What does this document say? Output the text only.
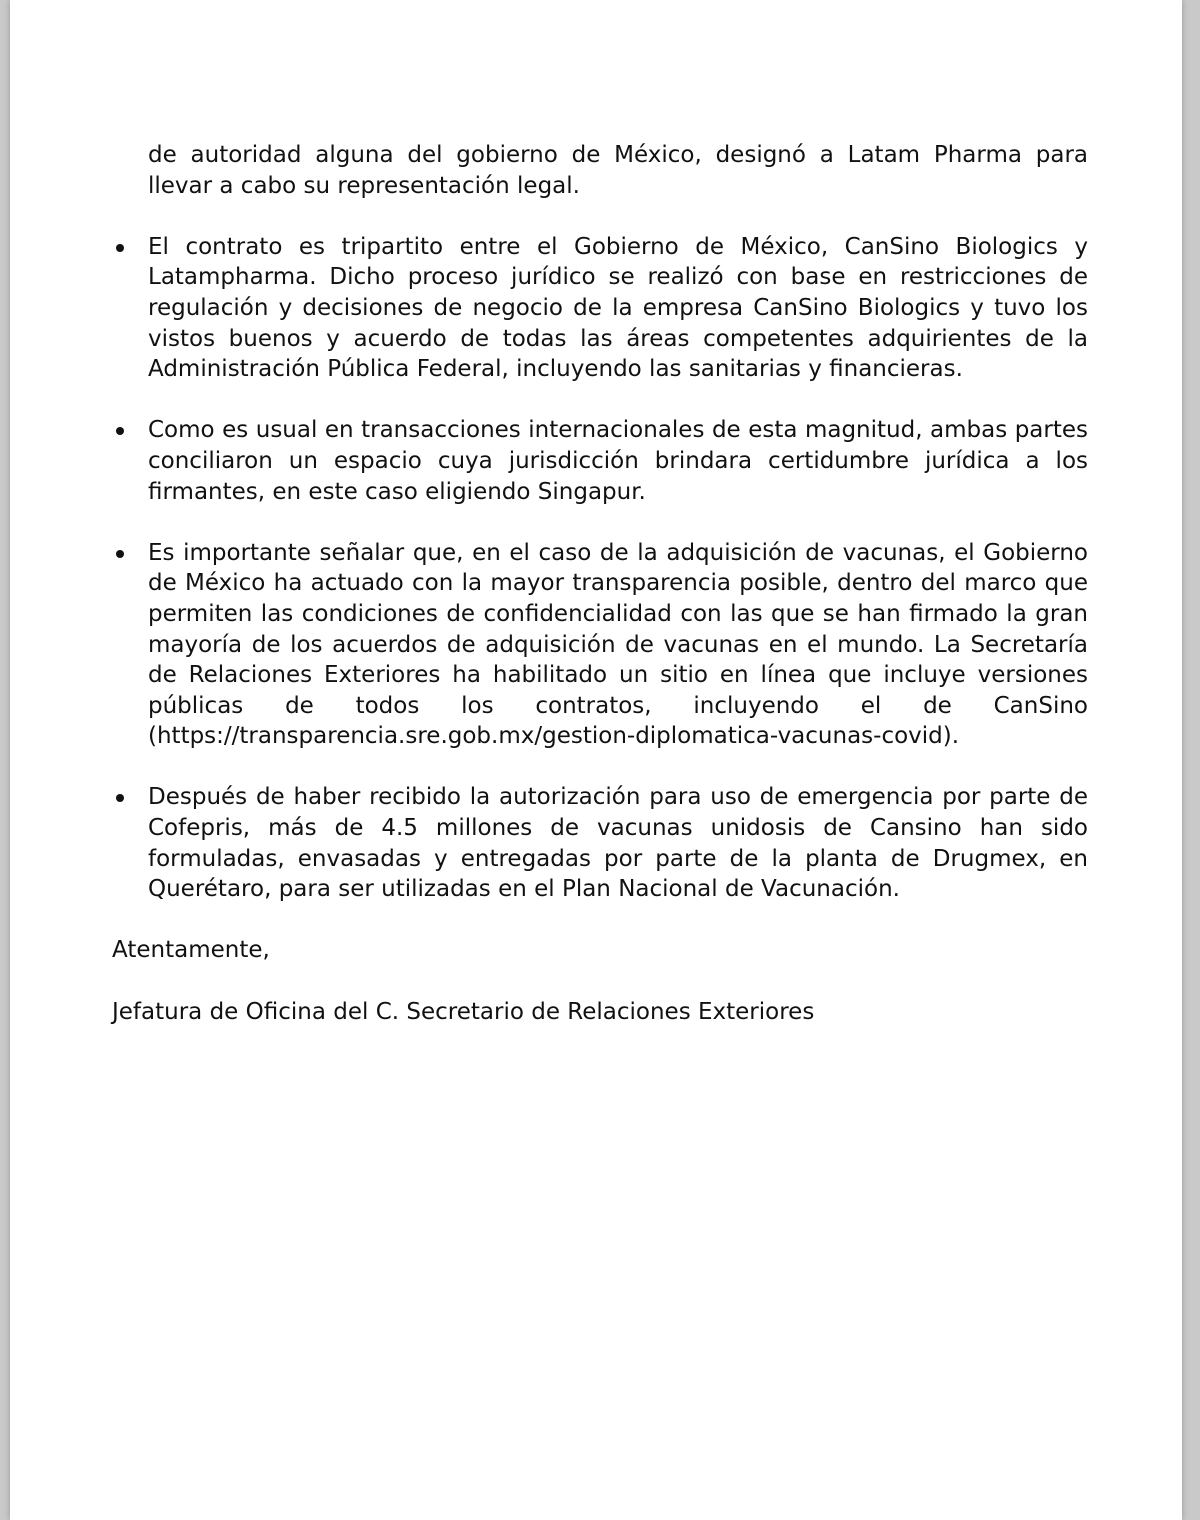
de autoridad alguna del gobierno de México, designó a Latam Pharma para llevar a cabo su representación legal.

El contrato es tripartito entre el Gobierno de México, CanSino Biologics y Latampharma. Dicho proceso jurídico se realizó con base en restricciones de regulación y decisiones de negocio de la empresa CanSino Biologics y tuvo los vistos buenos y acuerdo de todas las áreas competentes adquirientes de la Administración Pública Federal, incluyendo las sanitarias y financieras.
Como es usual en transacciones internacionales de esta magnitud, ambas partes conciliaron un espacio cuya jurisdicción brindara certidumbre jurídica a los firmantes, en este caso eligiendo Singapur.
Es importante señalar que, en el caso de la adquisición de vacunas, el Gobierno de México ha actuado con la mayor transparencia posible, dentro del marco que permiten las condiciones de confidencialidad con las que se han firmado la gran mayoría de los acuerdos de adquisición de vacunas en el mundo. La Secretaría de Relaciones Exteriores ha habilitado un sitio en línea que incluye versiones públicas de todos los contratos, incluyendo el de CanSino (https://transparencia.sre.gob.mx/gestion-diplomatica-vacunas-covid).
Después de haber recibido la autorización para uso de emergencia por parte de Cofepris, más de 4.5 millones de vacunas unidosis de Cansino han sido formuladas, envasadas y entregadas por parte de la planta de Drugmex, en Querétaro, para ser utilizadas en el Plan Nacional de Vacunación.

Atentamente,

Jefatura de Oficina del C. Secretario de Relaciones Exteriores
